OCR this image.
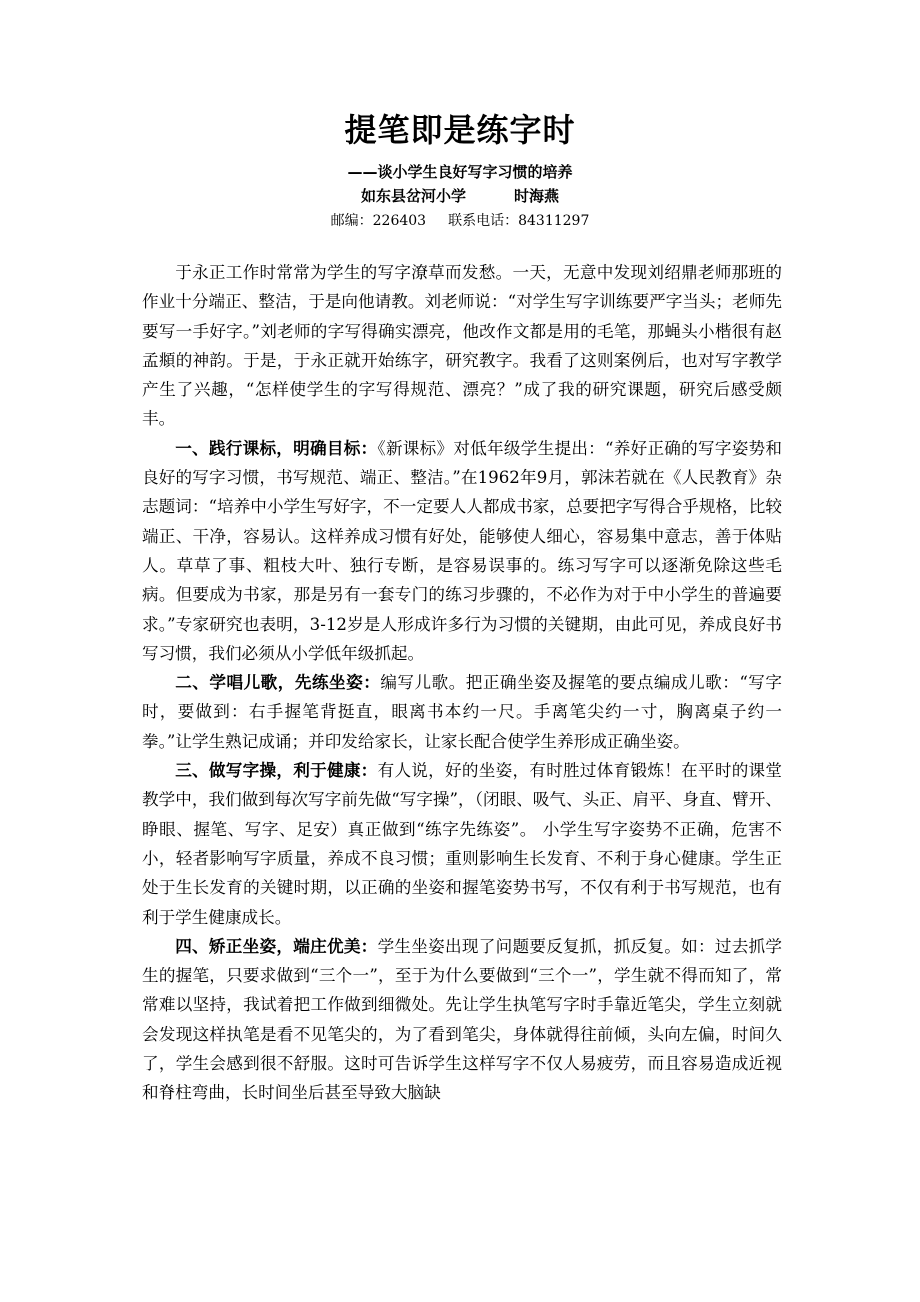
提笔即是练字时
——谈小学生良好写字习惯的培养
如东县岔河小学	时海燕
邮编：226403 联系电话：84311297

于永正工作时常常为学生的写字潦草而发愁。一天，无意中发现刘绍鼎老师那班的作业十分端正、整洁，于是向他请教。刘老师说：“对学生写字训练要严字当头；老师先要写一手好字。”刘老师的字写得确实漂亮，他改作文都是用的毛笔，那蝇头小楷很有赵孟頫的神韵。于是，于永正就开始练字，研究教字。我看了这则案例后，也对写字教学产生了兴趣，“怎样使学生的字写得规范、漂亮？”成了我的研究课题，研究后感受颇丰。

一、践行课标，明确目标：《新课标》对低年级学生提出：“养好正确的写字姿势和良好的写字习惯，书写规范、端正、整洁。”在1962年9月，郭沫若就在《人民教育》杂志题词：“培养中小学生写好字，不一定要人人都成书家，总要把字写得合乎规格，比较端正、干净，容易认。这样养成习惯有好处，能够使人细心，容易集中意志，善于体贴人。草草了事、粗枝大叶、独行专断，是容易误事的。练习写字可以逐渐免除这些毛病。但要成为书家，那是另有一套专门的练习步骤的，不必作为对于中小学生的普遍要求。”专家研究也表明，3-12岁是人形成许多行为习惯的关键期，由此可见，养成良好书写习惯，我们必须从小学低年级抓起。

二、学唱儿歌，先练坐姿：编写儿歌。把正确坐姿及握笔的要点编成儿歌：“写字时，要做到：右手握笔背挺直，眼离书本约一尺。手离笔尖约一寸，胸离桌子约一拳。”让学生熟记成诵；并印发给家长，让家长配合使学生养形成正确坐姿。

三、做写字操，利于健康：有人说，好的坐姿，有时胜过体育锻炼！在平时的课堂教学中，我们做到每次写字前先做“写字操”，（闭眼、吸气、头正、肩平、身直、臂开、睁眼、握笔、写字、足安）真正做到“练字先练姿”。 小学生写字姿势不正确，危害不小，轻者影响写字质量，养成不良习惯；重则影响生长发育、不利于身心健康。学生正处于生长发育的关键时期，以正确的坐姿和握笔姿势书写，不仅有利于书写规范，也有利于学生健康成长。

四、矫正坐姿，端庄优美：学生坐姿出现了问题要反复抓，抓反复。如：过去抓学生的握笔，只要求做到“三个一”，至于为什么要做到“三个一”，学生就不得而知了，常常难以坚持，我试着把工作做到细微处。先让学生执笔写字时手靠近笔尖，学生立刻就会发现这样执笔是看不见笔尖的，为了看到笔尖，身体就得往前倾，头向左偏，时间久了，学生会感到很不舒服。这时可告诉学生这样写字不仅人易疲劳，而且容易造成近视和脊柱弯曲，长时间坐后甚至导致大脑缺
